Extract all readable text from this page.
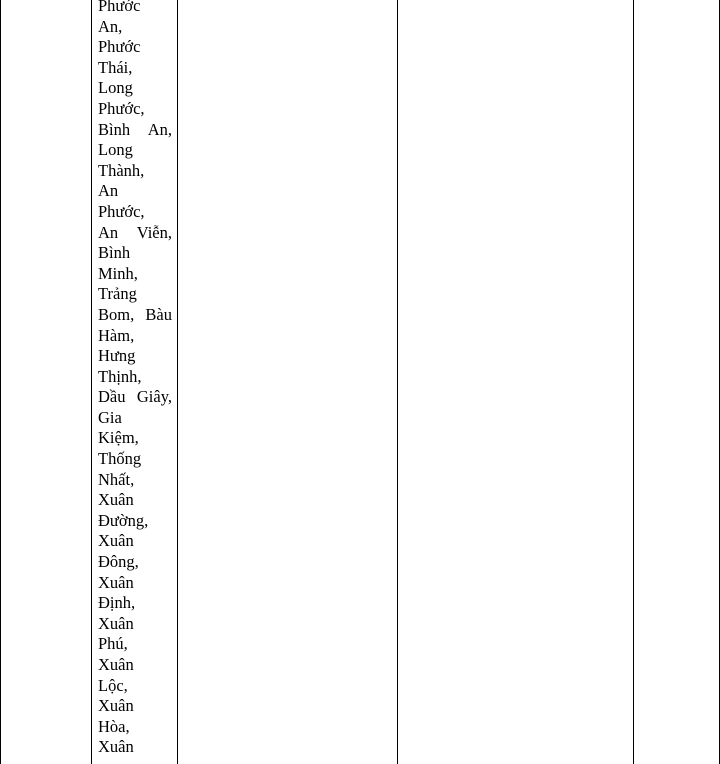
Phước
An,
Phước
Thái,
Long
Phước,
Bình An,
Long
Thành,
An
Phước,
An Viễn,
Bình
Minh,
Trảng
Bom, Bàu
Hàm,
Hưng
Thịnh,
Dầu Giây,
Gia
Kiệm,
Thống
Nhất,
Xuân
Đường,
Xuân
Đông,
Xuân
Định,
Xuân
Phú,
Xuân
Lộc,
Xuân
Hòa,
Xuân
